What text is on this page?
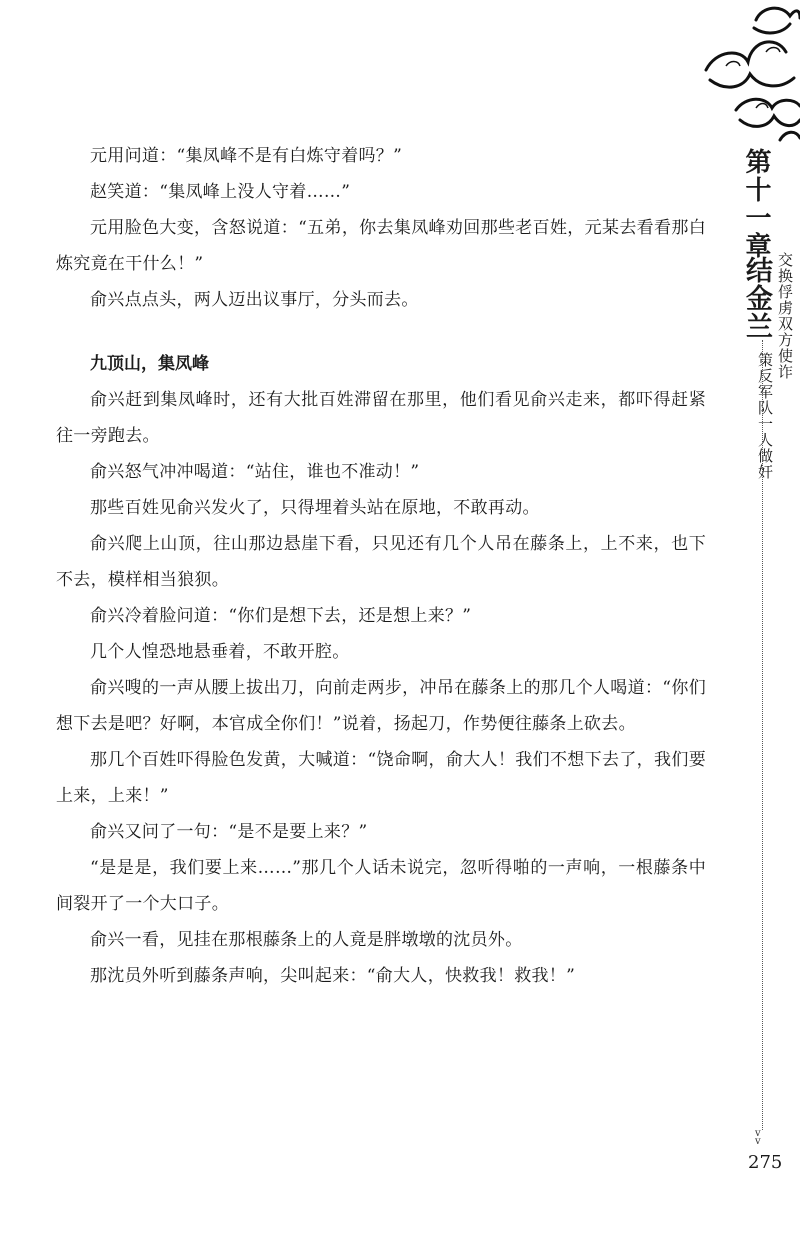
第十一章
结金兰 交换俘虏双方使诈
策反军队一人做奸
v
v
275

元用问道：“集凤峰不是有白炼守着吗？”

赵笑道：“集凤峰上没人守着……”

元用脸色大变，含怒说道：“五弟，你去集凤峰劝回那些老百姓，元某去看看那白炼究竟在干什么！”

俞兴点点头，两人迈出议事厅，分头而去。

九顶山，集凤峰

俞兴赶到集凤峰时，还有大批百姓滞留在那里，他们看见俞兴走来，都吓得赶紧往一旁跑去。

俞兴怒气冲冲喝道：“站住，谁也不准动！”

那些百姓见俞兴发火了，只得埋着头站在原地，不敢再动。

俞兴爬上山顶，往山那边悬崖下看，只见还有几个人吊在藤条上，上不来，也下不去，模样相当狼狈。

俞兴冷着脸问道：“你们是想下去，还是想上来？”

几个人惶恐地悬垂着，不敢开腔。

俞兴嗖的一声从腰上拔出刀，向前走两步，冲吊在藤条上的那几个人喝道：“你们想下去是吧？好啊，本官成全你们！”说着，扬起刀，作势便往藤条上砍去。

那几个百姓吓得脸色发黄，大喊道：“饶命啊，俞大人！我们不想下去了，我们要上来，上来！”

俞兴又问了一句：“是不是要上来？”

“是是是，我们要上来……”那几个人话未说完，忽听得啪的一声响，一根藤条中间裂开了一个大口子。

俞兴一看，见挂在那根藤条上的人竟是胖墩墩的沈员外。

那沈员外听到藤条声响，尖叫起来：“俞大人，快救我！救我！”
